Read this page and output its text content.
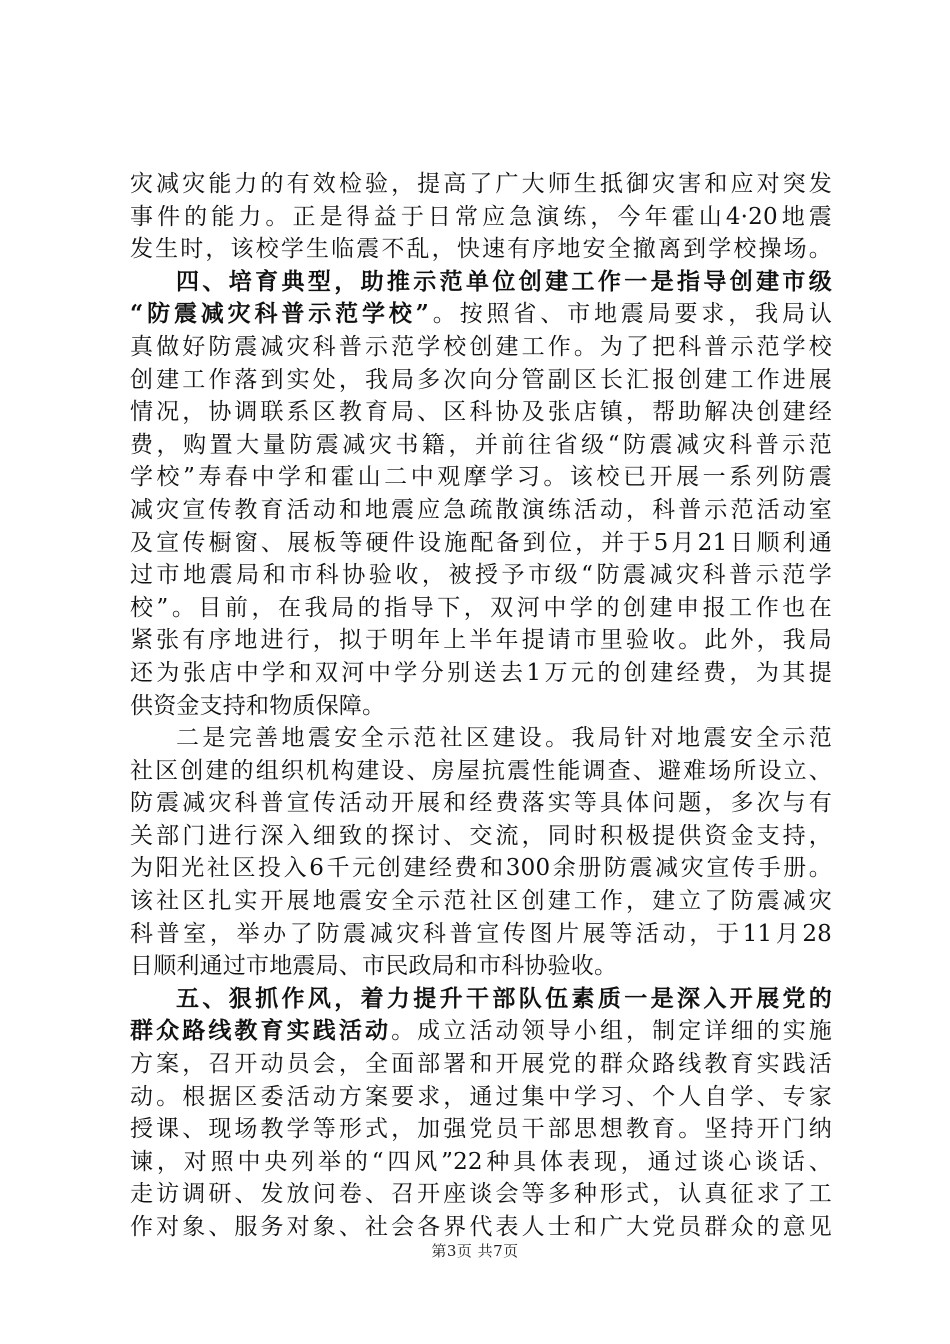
灾减灾能力的有效检验，提高了广大师生抵御灾害和应对突发
事件的能力。正是得益于日常应急演练，今年霍山4·20地震
发生时，该校学生临震不乱，快速有序地安全撤离到学校操场。
四、培育典型，助推示范单位创建工作一是指导创建市级
“防震减灾科普示范学校”。按照省、市地震局要求，我局认
真做好防震减灾科普示范学校创建工作。为了把科普示范学校
创建工作落到实处，我局多次向分管副区长汇报创建工作进展
情况，协调联系区教育局、区科协及张店镇，帮助解决创建经
费，购置大量防震减灾书籍，并前往省级“防震减灾科普示范
学校”寿春中学和霍山二中观摩学习。该校已开展一系列防震
减灾宣传教育活动和地震应急疏散演练活动，科普示范活动室
及宣传橱窗、展板等硬件设施配备到位，并于5月21日顺利通
过市地震局和市科协验收，被授予市级“防震减灾科普示范学
校”。目前，在我局的指导下，双河中学的创建申报工作也在
紧张有序地进行，拟于明年上半年提请市里验收。此外，我局
还为张店中学和双河中学分别送去1万元的创建经费，为其提
供资金支持和物质保障。
二是完善地震安全示范社区建设。我局针对地震安全示范
社区创建的组织机构建设、房屋抗震性能调查、避难场所设立、
防震减灾科普宣传活动开展和经费落实等具体问题，多次与有
关部门进行深入细致的探讨、交流，同时积极提供资金支持，
为阳光社区投入6千元创建经费和300余册防震减灾宣传手册。
该社区扎实开展地震安全示范社区创建工作，建立了防震减灾
科普室，举办了防震减灾科普宣传图片展等活动，于11月28
日顺利通过市地震局、市民政局和市科协验收。
五、狠抓作风，着力提升干部队伍素质一是深入开展党的
群众路线教育实践活动。成立活动领导小组，制定详细的实施
方案，召开动员会，全面部署和开展党的群众路线教育实践活
动。根据区委活动方案要求，通过集中学习、个人自学、专家
授课、现场教学等形式，加强党员干部思想教育。坚持开门纳
谏，对照中央列举的“四风”22种具体表现，通过谈心谈话、
走访调研、发放问卷、召开座谈会等多种形式，认真征求了工
作对象、服务对象、社会各界代表人士和广大党员群众的意见
第3页 共7页
